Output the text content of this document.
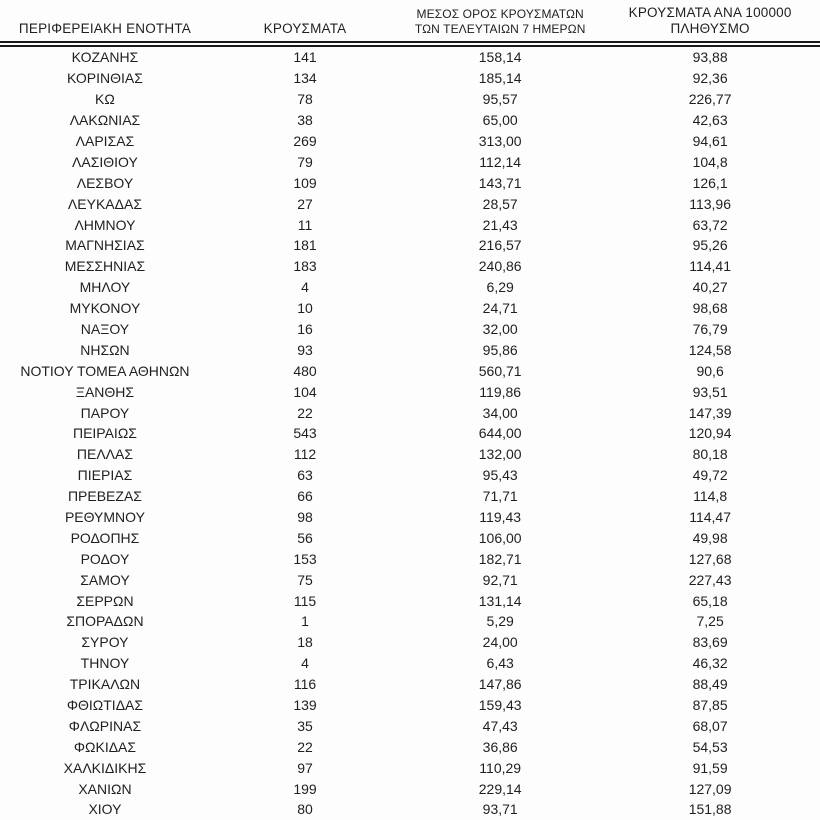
ΠΕΡΙΦΕΡΕΙΑΚΗ ΕΝΟΤΗΤΑ	ΚΡΟΥΣΜΑΤΑ	ΜΕΣΟΣ ΟΡΟΣ ΚΡΟΥΣΜΑΤΩΝ
ΤΩΝ ΤΕΛΕΥΤΑΙΩΝ 7 ΗΜΕΡΩΝ	ΚΡΟΥΣΜΑΤΑ ΑΝΑ 100000
ΠΛΗΘΥΣΜΟ

ΚΟΖΑΝΗΣ	141	158,14	93,88
ΚΟΡΙΝΘΙΑΣ	134	185,14	92,36
ΚΩ	78	95,57	226,77
ΛΑΚΩΝΙΑΣ	38	65,00	42,63
ΛΑΡΙΣΑΣ	269	313,00	94,61
ΛΑΣΙΘΙΟΥ	79	112,14	104,8
ΛΕΣΒΟΥ	109	143,71	126,1
ΛΕΥΚΑΔΑΣ	27	28,57	113,96
ΛΗΜΝΟΥ	11	21,43	63,72
ΜΑΓΝΗΣΙΑΣ	181	216,57	95,26
ΜΕΣΣΗΝΙΑΣ	183	240,86	114,41
ΜΗΛΟΥ	4	6,29	40,27
ΜΥΚΟΝΟΥ	10	24,71	98,68
ΝΑΞΟΥ	16	32,00	76,79
ΝΗΣΩΝ	93	95,86	124,58
ΝΟΤΙΟΥ ΤΟΜΕΑ ΑΘΗΝΩΝ	480	560,71	90,6
ΞΑΝΘΗΣ	104	119,86	93,51
ΠΑΡΟΥ	22	34,00	147,39
ΠΕΙΡΑΙΩΣ	543	644,00	120,94
ΠΕΛΛΑΣ	112	132,00	80,18
ΠΙΕΡΙΑΣ	63	95,43	49,72
ΠΡΕΒΕΖΑΣ	66	71,71	114,8
ΡΕΘΥΜΝΟΥ	98	119,43	114,47
ΡΟΔΟΠΗΣ	56	106,00	49,98
ΡΟΔΟΥ	153	182,71	127,68
ΣΑΜΟΥ	75	92,71	227,43
ΣΕΡΡΩΝ	115	131,14	65,18
ΣΠΟΡΑΔΩΝ	1	5,29	7,25
ΣΥΡΟΥ	18	24,00	83,69
ΤΗΝΟΥ	4	6,43	46,32
ΤΡΙΚΑΛΩΝ	116	147,86	88,49
ΦΘΙΩΤΙΔΑΣ	139	159,43	87,85
ΦΛΩΡΙΝΑΣ	35	47,43	68,07
ΦΩΚΙΔΑΣ	22	36,86	54,53
ΧΑΛΚΙΔΙΚΗΣ	97	110,29	91,59
ΧΑΝΙΩΝ	199	229,14	127,09
ΧΙΟΥ	80	93,71	151,88
